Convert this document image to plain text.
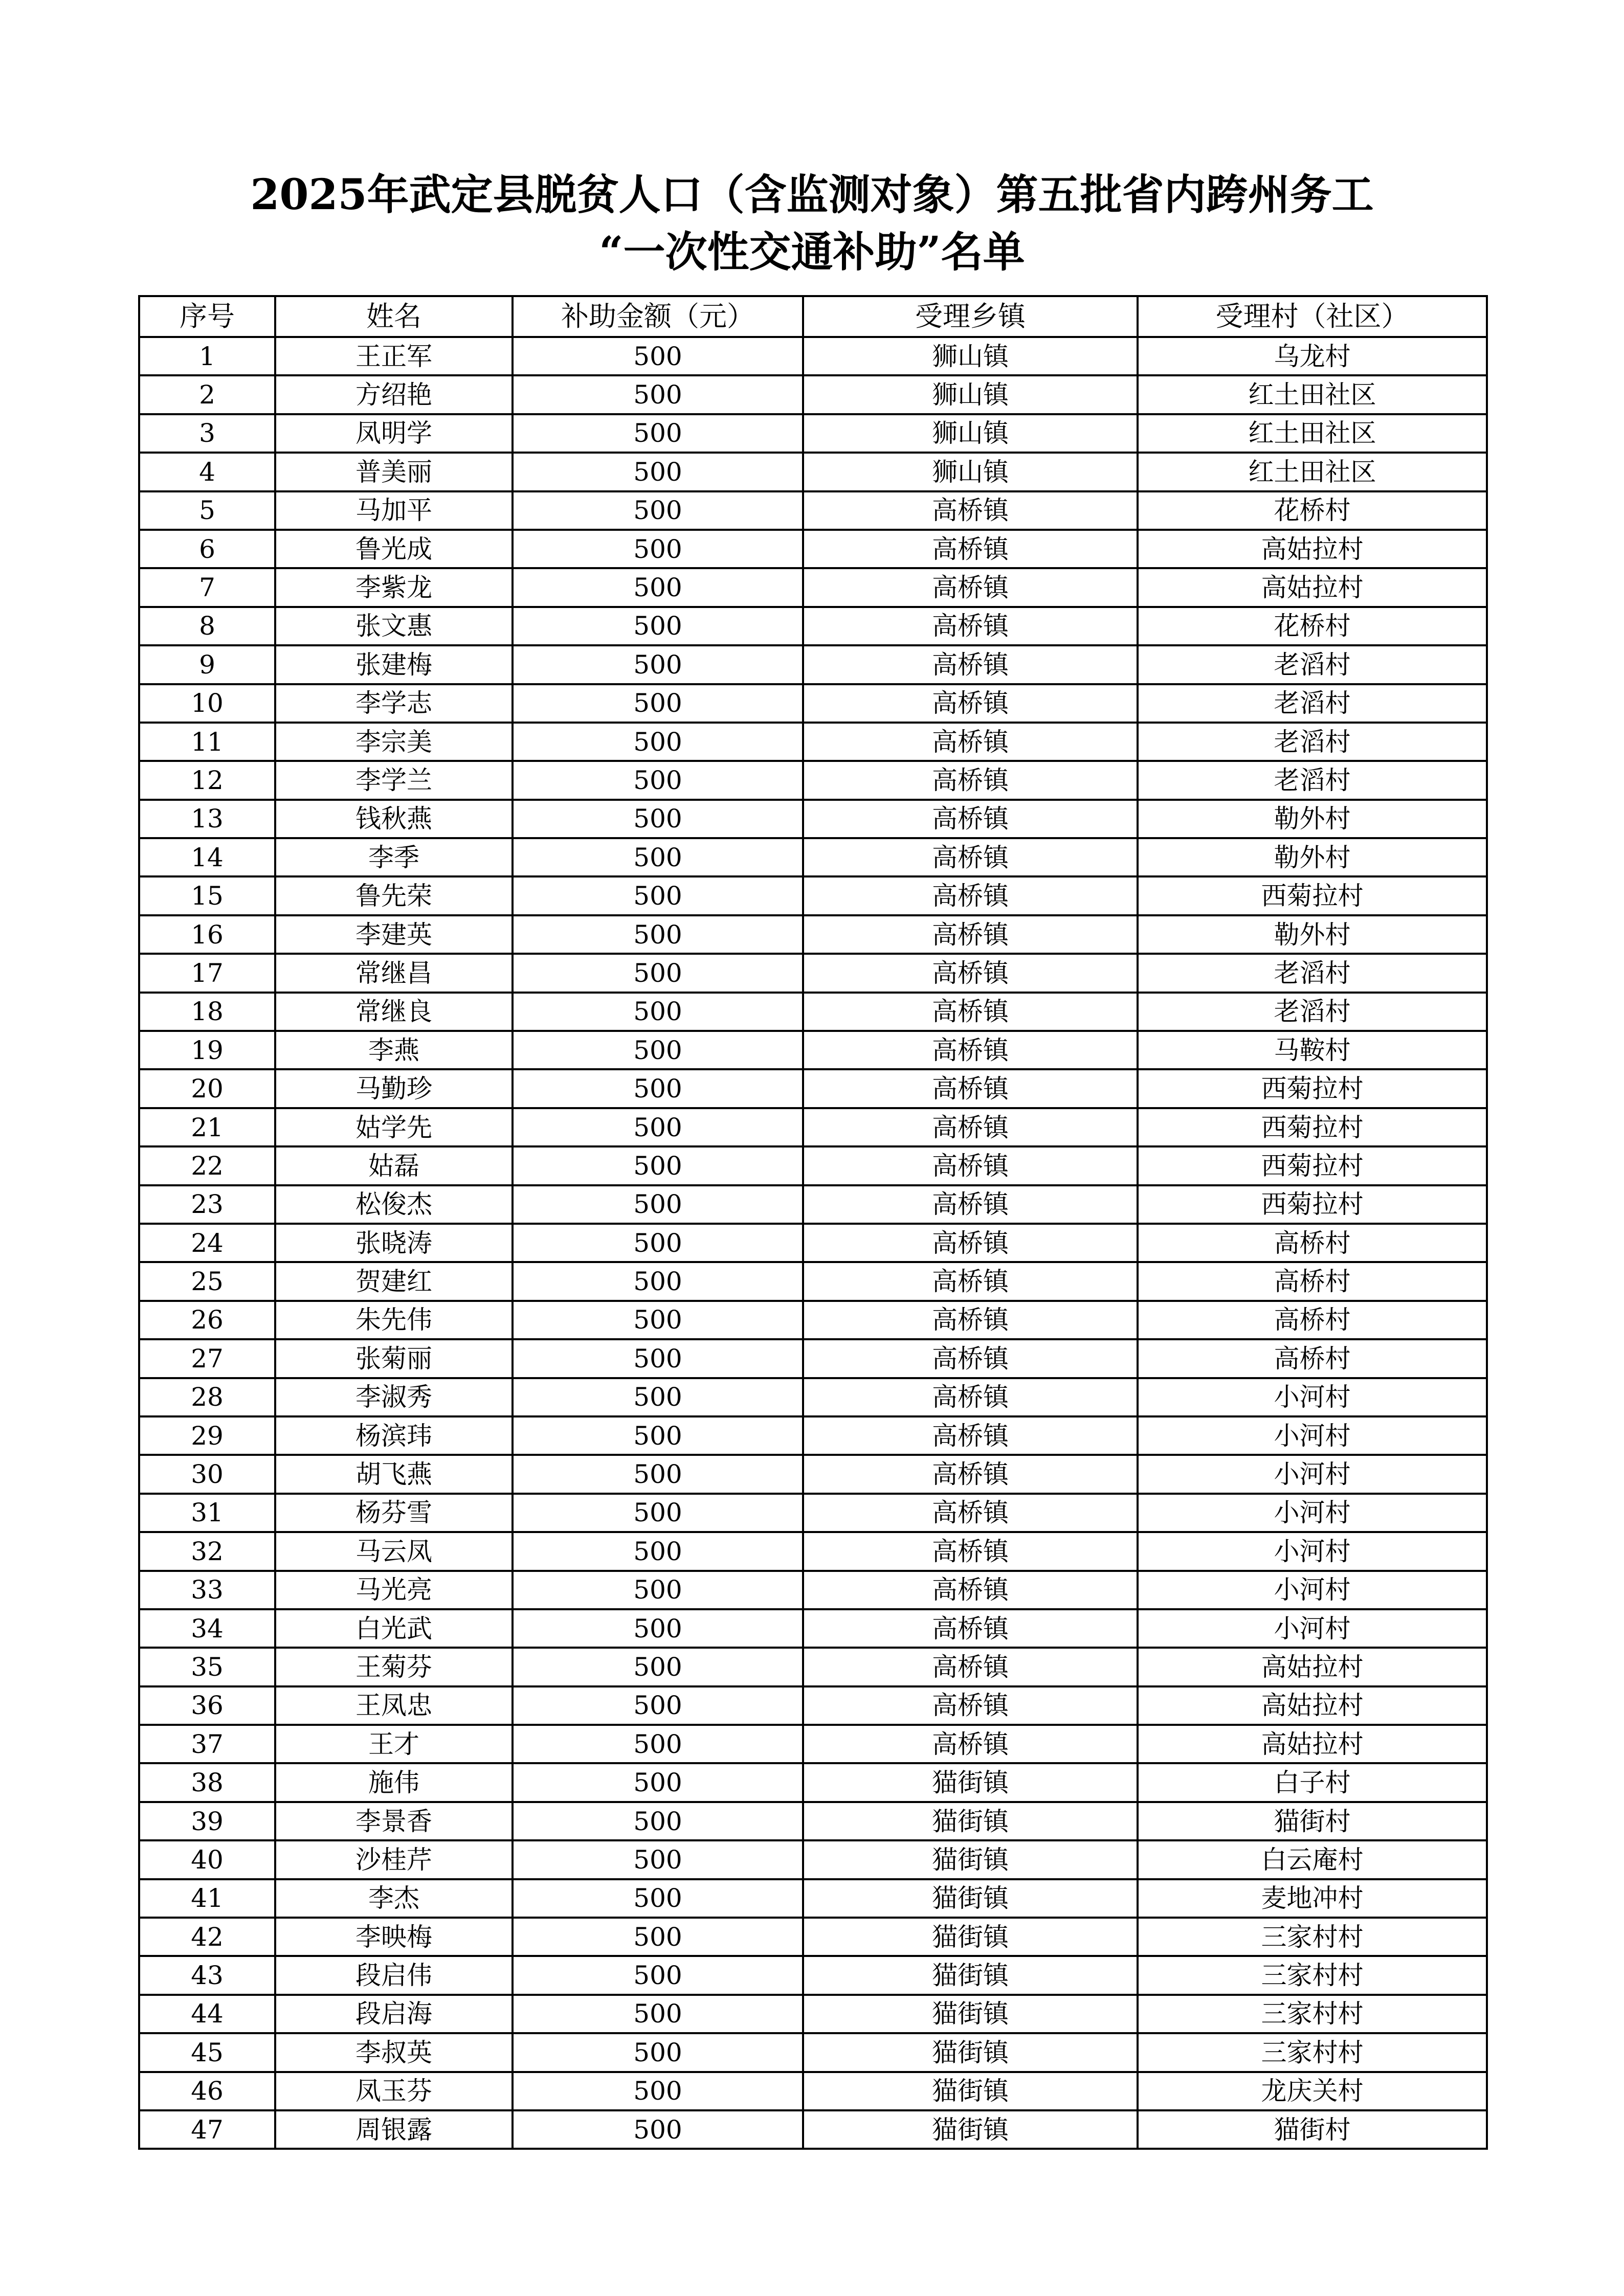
2025年武定县脱贫人口（含监测对象）第五批省内跨州务工
“一次性交通补助”名单
序号	姓名	补助金额（元）	受理乡镇	受理村（社区）
1	王正军	500	狮山镇	乌龙村
2	方绍艳	500	狮山镇	红土田社区
3	凤明学	500	狮山镇	红土田社区
4	普美丽	500	狮山镇	红土田社区
5	马加平	500	高桥镇	花桥村
6	鲁光成	500	高桥镇	高姑拉村
7	李紫龙	500	高桥镇	高姑拉村
8	张文惠	500	高桥镇	花桥村
9	张建梅	500	高桥镇	老滔村
10	李学志	500	高桥镇	老滔村
11	李宗美	500	高桥镇	老滔村
12	李学兰	500	高桥镇	老滔村
13	钱秋燕	500	高桥镇	勒外村
14	李季	500	高桥镇	勒外村
15	鲁先荣	500	高桥镇	西菊拉村
16	李建英	500	高桥镇	勒外村
17	常继昌	500	高桥镇	老滔村
18	常继良	500	高桥镇	老滔村
19	李燕	500	高桥镇	马鞍村
20	马勤珍	500	高桥镇	西菊拉村
21	姑学先	500	高桥镇	西菊拉村
22	姑磊	500	高桥镇	西菊拉村
23	松俊杰	500	高桥镇	西菊拉村
24	张晓涛	500	高桥镇	高桥村
25	贺建红	500	高桥镇	高桥村
26	朱先伟	500	高桥镇	高桥村
27	张菊丽	500	高桥镇	高桥村
28	李淑秀	500	高桥镇	小河村
29	杨滨玮	500	高桥镇	小河村
30	胡飞燕	500	高桥镇	小河村
31	杨芬雪	500	高桥镇	小河村
32	马云凤	500	高桥镇	小河村
33	马光亮	500	高桥镇	小河村
34	白光武	500	高桥镇	小河村
35	王菊芬	500	高桥镇	高姑拉村
36	王凤忠	500	高桥镇	高姑拉村
37	王才	500	高桥镇	高姑拉村
38	施伟	500	猫街镇	白子村
39	李景香	500	猫街镇	猫街村
40	沙桂芹	500	猫街镇	白云庵村
41	李杰	500	猫街镇	麦地冲村
42	李映梅	500	猫街镇	三家村村
43	段启伟	500	猫街镇	三家村村
44	段启海	500	猫街镇	三家村村
45	李叔英	500	猫街镇	三家村村
46	凤玉芬	500	猫街镇	龙庆关村
47	周银露	500	猫街镇	猫街村
